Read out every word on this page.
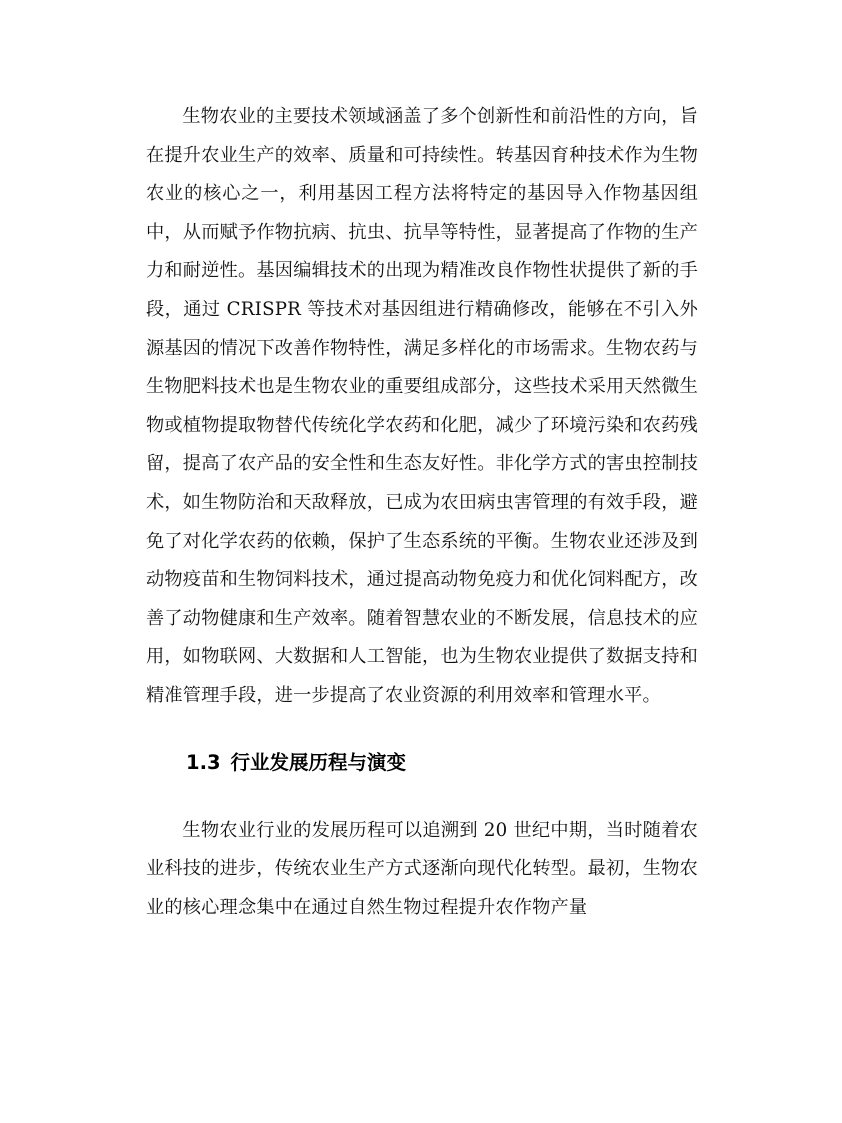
生物农业的主要技术领域涵盖了多个创新性和前沿性的方向，旨在提升农业生产的效率、质量和可持续性。转基因育种技术作为生物农业的核心之一，利用基因工程方法将特定的基因导入作物基因组中，从而赋予作物抗病、抗虫、抗旱等特性，显著提高了作物的生产力和耐逆性。基因编辑技术的出现为精准改良作物性状提供了新的手段，通过 CRISPR 等技术对基因组进行精确修改，能够在不引入外源基因的情况下改善作物特性，满足多样化的市场需求。生物农药与生物肥料技术也是生物农业的重要组成部分，这些技术采用天然微生物或植物提取物替代传统化学农药和化肥，减少了环境污染和农药残留，提高了农产品的安全性和生态友好性。非化学方式的害虫控制技术，如生物防治和天敌释放，已成为农田病虫害管理的有效手段，避免了对化学农药的依赖，保护了生态系统的平衡。生物农业还涉及到动物疫苗和生物饲料技术，通过提高动物免疫力和优化饲料配方，改善了动物健康和生产效率。随着智慧农业的不断发展，信息技术的应用，如物联网、大数据和人工智能，也为生物农业提供了数据支持和精准管理手段，进一步提高了农业资源的利用效率和管理水平。

1.3 行业发展历程与演变

生物农业行业的发展历程可以追溯到 20 世纪中期，当时随着农业科技的进步，传统农业生产方式逐渐向现代化转型。最初，生物农业的核心理念集中在通过自然生物过程提升农作物产量
